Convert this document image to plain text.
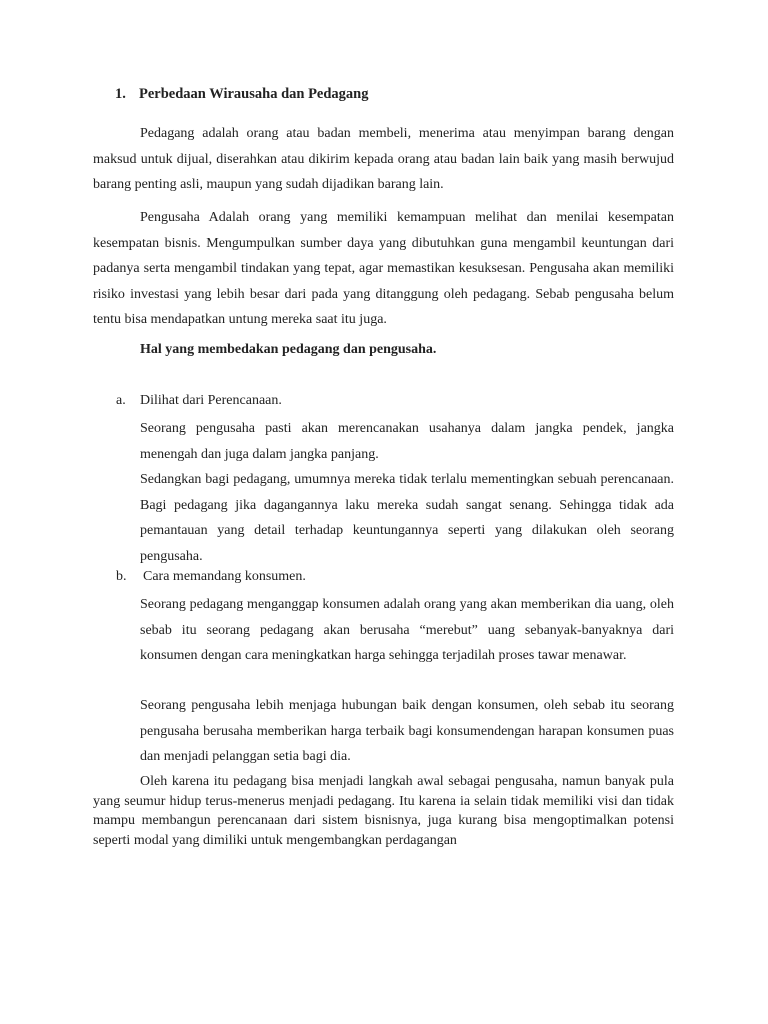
1. Perbedaan Wirausaha dan Pedagang

Pedagang adalah orang atau badan membeli, menerima atau menyimpan barang dengan maksud untuk dijual, diserahkan atau dikirim kepada orang atau badan lain baik yang masih berwujud barang penting asli, maupun yang sudah dijadikan barang lain.

Pengusaha Adalah orang yang memiliki kemampuan melihat dan menilai kesempatan kesempatan bisnis. Mengumpulkan sumber daya yang dibutuhkan guna mengambil keuntungan dari padanya serta mengambil tindakan yang tepat, agar memastikan kesuksesan. Pengusaha akan memiliki risiko investasi yang lebih besar dari pada yang ditanggung oleh pedagang. Sebab pengusaha belum tentu bisa mendapatkan untung mereka saat itu juga.

Hal yang membedakan pedagang dan pengusaha.

a. Dilihat dari Perencanaan.

Seorang pengusaha pasti akan merencanakan usahanya dalam jangka pendek, jangka menengah dan juga dalam jangka panjang.

Sedangkan bagi pedagang, umumnya mereka tidak terlalu mementingkan sebuah perencanaan. Bagi pedagang jika dagangannya laku mereka sudah sangat senang. Sehingga tidak ada pemantauan yang detail terhadap keuntungannya seperti yang dilakukan oleh seorang pengusaha.

b. Cara memandang konsumen.

Seorang pedagang menganggap konsumen adalah orang yang akan memberikan dia uang, oleh sebab itu seorang pedagang akan berusaha “merebut” uang sebanyak-banyaknya dari konsumen dengan cara meningkatkan harga sehingga terjadilah proses tawar menawar.

Seorang pengusaha lebih menjaga hubungan baik dengan konsumen, oleh sebab itu seorang pengusaha berusaha memberikan harga terbaik bagi konsumendengan harapan konsumen puas dan menjadi pelanggan setia bagi dia.

Oleh karena itu pedagang bisa menjadi langkah awal sebagai pengusaha, namun banyak pula yang seumur hidup terus-menerus menjadi pedagang. Itu karena ia selain tidak memiliki visi dan tidak mampu membangun perencanaan dari sistem bisnisnya, juga kurang bisa mengoptimalkan potensi seperti modal yang dimiliki untuk mengembangkan perdagangan
